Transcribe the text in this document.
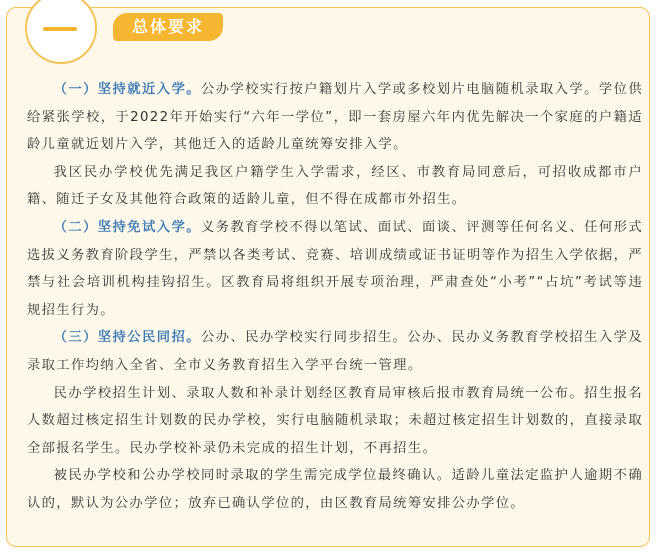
总体要求

（一）坚持就近入学。公办学校实行按户籍划片入学或多校划片电脑随机录取入学。学位供给紧张学校，于2022年开始实行“六年一学位”，即一套房屋六年内优先解决一个家庭的户籍适龄儿童就近划片入学，其他迁入的适龄儿童统筹安排入学。

我区民办学校优先满足我区户籍学生入学需求，经区、市教育局同意后，可招收成都市户籍、随迁子女及其他符合政策的适龄儿童，但不得在成都市外招生。

（二）坚持免试入学。义务教育学校不得以笔试、面试、面谈、评测等任何名义、任何形式选拔义务教育阶段学生，严禁以各类考试、竞赛、培训成绩或证书证明等作为招生入学依据，严禁与社会培训机构挂钩招生。区教育局将组织开展专项治理，严肃查处“小考”“占坑”考试等违规招生行为。

（三）坚持公民同招。公办、民办学校实行同步招生。公办、民办义务教育学校招生入学及录取工作均纳入全省、全市义务教育招生入学平台统一管理。

民办学校招生计划、录取人数和补录计划经区教育局审核后报市教育局统一公布。招生报名人数超过核定招生计划数的民办学校，实行电脑随机录取；未超过核定招生计划数的，直接录取全部报名学生。民办学校补录仍未完成的招生计划，不再招生。

被民办学校和公办学校同时录取的学生需完成学位最终确认。适龄儿童法定监护人逾期不确认的，默认为公办学位；放弃已确认学位的，由区教育局统筹安排公办学位。
